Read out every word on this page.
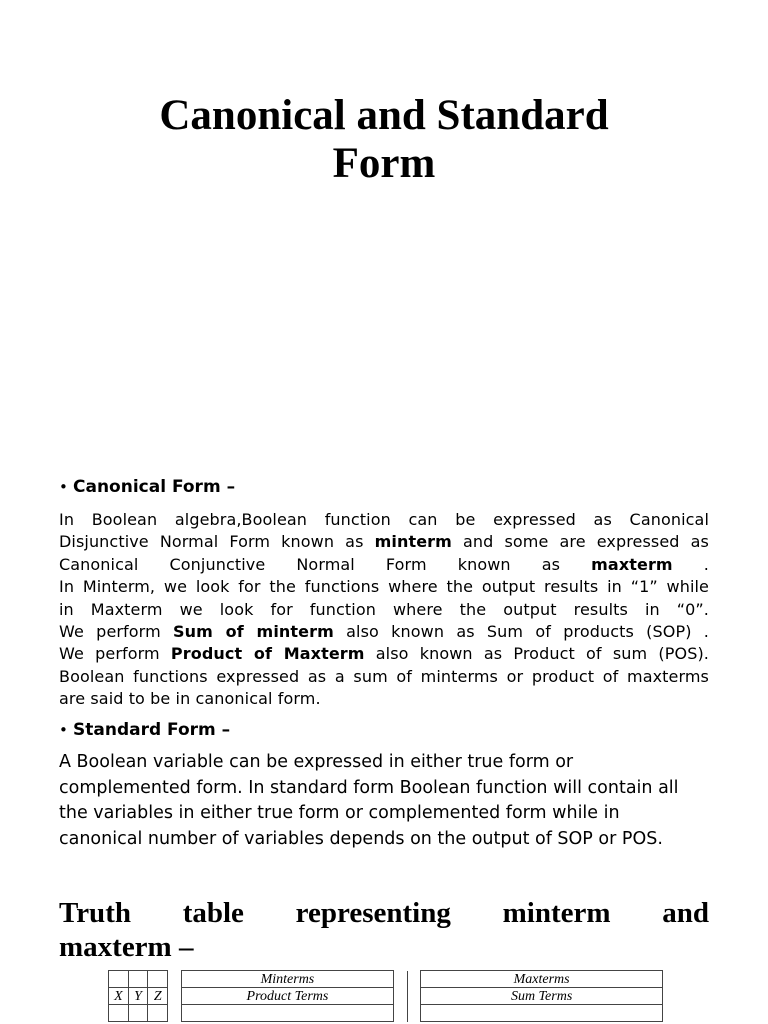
Canonical and Standard
Form
• Canonical Form –
In Boolean algebra,Boolean function can be expressed as Canonical
Disjunctive Normal Form known as minterm and some are expressed as
Canonical Conjunctive Normal Form known as maxterm .
In Minterm, we look for the functions where the output results in “1” while
in Maxterm we look for function where the output results in “0”.
We perform Sum of minterm also known as Sum of products (SOP) .
We perform Product of Maxterm also known as Product of sum (POS).
Boolean functions expressed as a sum of minterms or product of maxterms
are said to be in canonical form.
• Standard Form –
A Boolean variable can be expressed in either true form or
complemented form. In standard form Boolean function will contain all
the variables in either true form or complemented form while in
canonical number of variables depends on the output of SOP or POS.
Truth table representing minterm and
maxterm –
				Minterms			Maxterms
X	Y	Z		Product Terms			Sum Terms
